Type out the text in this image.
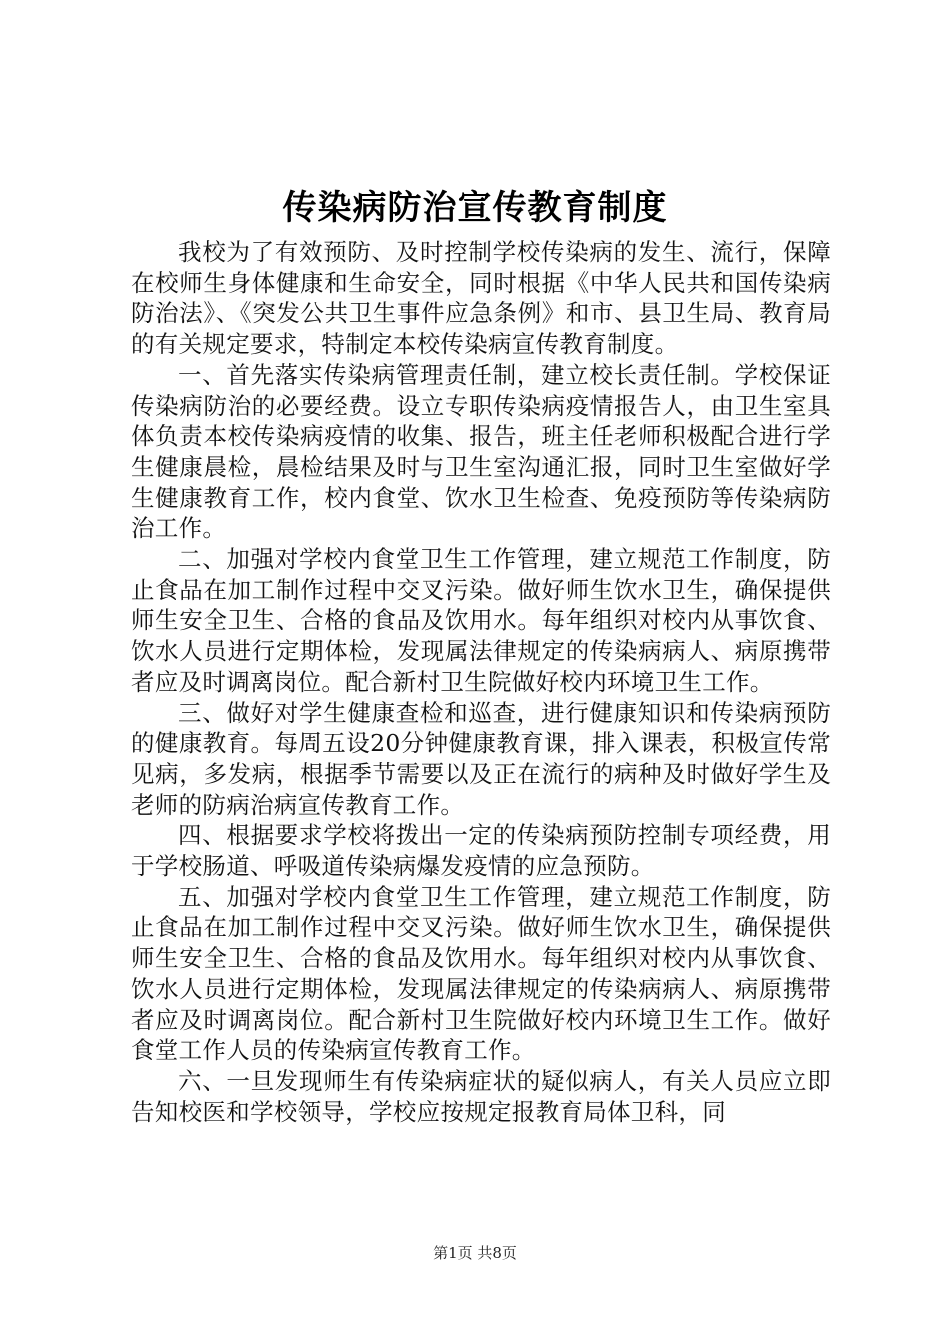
传染病防治宣传教育制度

我校为了有效预防、及时控制学校传染病的发生、流行，保障在校师生身体健康和生命安全，同时根据《中华人民共和国传染病防治法》、《突发公共卫生事件应急条例》和市、县卫生局、教育局的有关规定要求，特制定本校传染病宣传教育制度。

一、首先落实传染病管理责任制，建立校长责任制。学校保证传染病防治的必要经费。设立专职传染病疫情报告人，由卫生室具体负责本校传染病疫情的收集、报告，班主任老师积极配合进行学生健康晨检，晨检结果及时与卫生室沟通汇报，同时卫生室做好学生健康教育工作，校内食堂、饮水卫生检查、免疫预防等传染病防治工作。

二、加强对学校内食堂卫生工作管理，建立规范工作制度，防止食品在加工制作过程中交叉污染。做好师生饮水卫生，确保提供师生安全卫生、合格的食品及饮用水。每年组织对校内从事饮食、饮水人员进行定期体检，发现属法律规定的传染病病人、病原携带者应及时调离岗位。配合新村卫生院做好校内环境卫生工作。

三、做好对学生健康查检和巡查，进行健康知识和传染病预防的健康教育。每周五设20分钟健康教育课，排入课表，积极宣传常见病，多发病，根据季节需要以及正在流行的病种及时做好学生及老师的防病治病宣传教育工作。

四、根据要求学校将拨出一定的传染病预防控制专项经费，用于学校肠道、呼吸道传染病爆发疫情的应急预防。

五、加强对学校内食堂卫生工作管理，建立规范工作制度，防止食品在加工制作过程中交叉污染。做好师生饮水卫生，确保提供师生安全卫生、合格的食品及饮用水。每年组织对校内从事饮食、饮水人员进行定期体检，发现属法律规定的传染病病人、病原携带者应及时调离岗位。配合新村卫生院做好校内环境卫生工作。做好食堂工作人员的传染病宣传教育工作。

六、一旦发现师生有传染病症状的疑似病人，有关人员应立即告知校医和学校领导，学校应按规定报教育局体卫科，同

第1页 共8页
